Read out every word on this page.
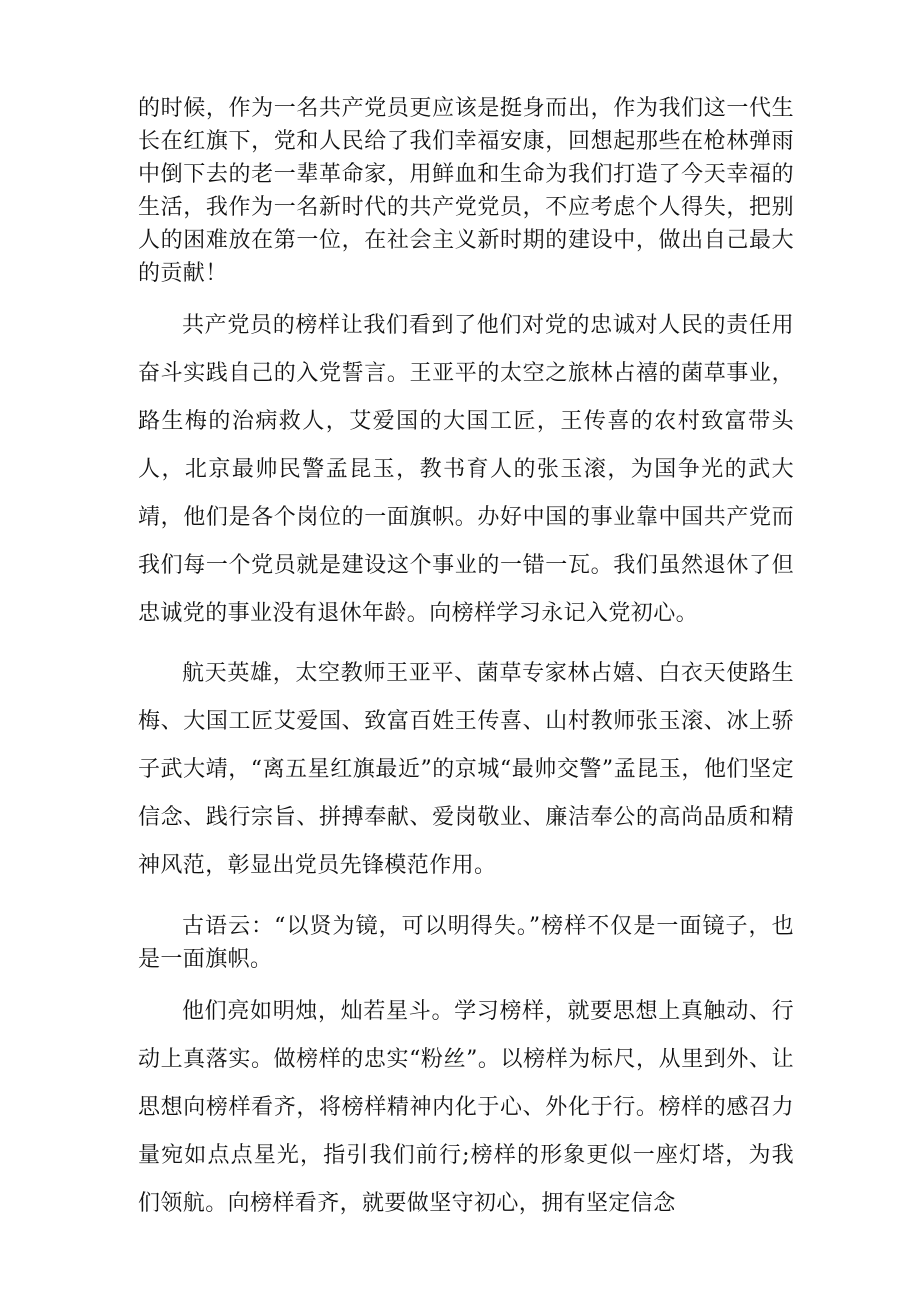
的时候，作为一名共产党员更应该是挺身而出，作为我们这一代生长在红旗下，党和人民给了我们幸福安康，回想起那些在枪林弹雨中倒下去的老一辈革命家，用鲜血和生命为我们打造了今天幸福的生活，我作为一名新时代的共产党党员，不应考虑个人得失，把别人的困难放在第一位，在社会主义新时期的建设中，做出自己最大的贡献！

共产党员的榜样让我们看到了他们对党的忠诚对人民的责任用奋斗实践自己的入党誓言。王亚平的太空之旅林占禧的菌草事业，路生梅的治病救人，艾爱国的大国工匠，王传喜的农村致富带头人，北京最帅民警孟昆玉，教书育人的张玉滚，为国争光的武大靖，他们是各个岗位的一面旗帜。办好中国的事业靠中国共产党而我们每一个党员就是建设这个事业的一错一瓦。我们虽然退休了但忠诚党的事业没有退休年龄。向榜样学习永记入党初心。

航天英雄，太空教师王亚平、菌草专家林占嬉、白衣天使路生梅、大国工匠艾爱国、致富百姓王传喜、山村教师张玉滚、冰上骄子武大靖，“离五星红旗最近”的京城“最帅交警”孟昆玉，他们坚定信念、践行宗旨、拼搏奉献、爱岗敬业、廉洁奉公的高尚品质和精神风范，彰显出党员先锋模范作用。

古语云：“以贤为镜，可以明得失。”榜样不仅是一面镜子，也是一面旗帜。

他们亮如明烛，灿若星斗。学习榜样，就要思想上真触动、行动上真落实。做榜样的忠实“粉丝”。以榜样为标尺，从里到外、让思想向榜样看齐，将榜样精神内化于心、外化于行。榜样的感召力量宛如点点星光，指引我们前行;榜样的形象更似一座灯塔，为我们领航。向榜样看齐，就要做坚守初心，拥有坚定信念
